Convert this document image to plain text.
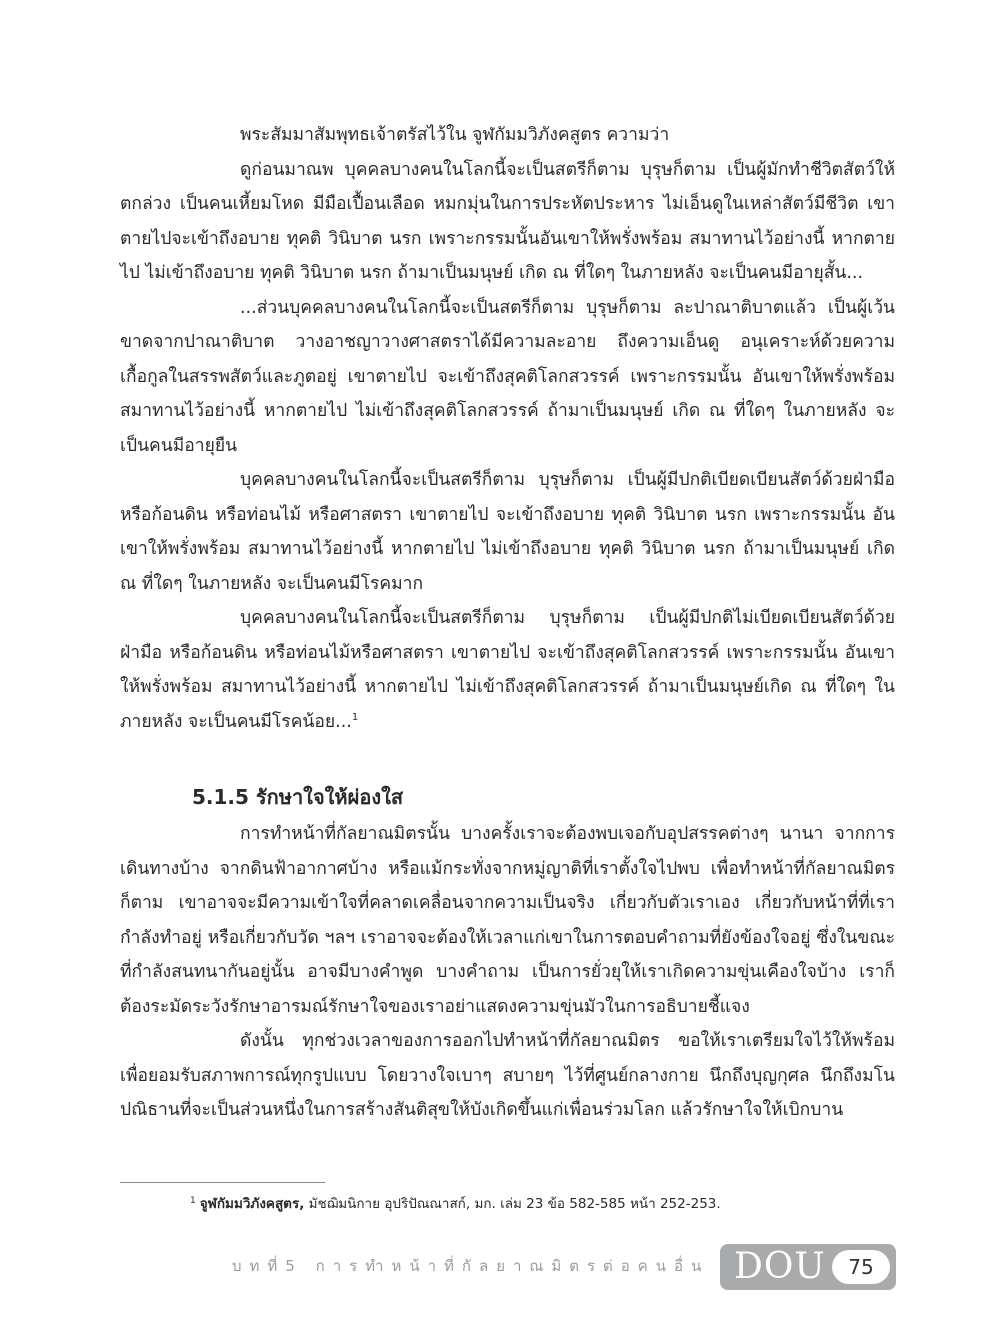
พระสัมมาสัมพุทธเจ้าตรัสไว้ใน จูฬกัมมวิภังคสูตร ความว่า

ดูก่อนมาณพ บุคคลบางคนในโลกนี้จะเป็นสตรีก็ตาม บุรุษก็ตาม เป็นผู้มักทำชีวิตสัตว์ให้ตกล่วง เป็นคนเหี้ยมโหด มีมือเปื้อนเลือด หมกมุ่นในการประหัตประหาร ไม่เอ็นดูในเหล่าสัตว์มีชีวิต เขาตายไปจะเข้าถึงอบาย ทุคติ วินิบาต นรก เพราะกรรมนั้นอันเขาให้พรั่งพร้อม สมาทานไว้อย่างนี้ หากตายไป ไม่เข้าถึงอบาย ทุคติ วินิบาต นรก ถ้ามาเป็นมนุษย์ เกิด ณ ที่ใดๆ ในภายหลัง จะเป็นคนมีอายุสั้น...

...ส่วนบุคคลบางคนในโลกนี้จะเป็นสตรีก็ตาม บุรุษก็ตาม ละปาณาติบาตแล้ว เป็นผู้เว้นขาดจากปาณาติบาต วางอาชญาวางศาสตราได้มีความละอาย ถึงความเอ็นดู อนุเคราะห์ด้วยความเกื้อกูลในสรรพสัตว์และภูตอยู่ เขาตายไป จะเข้าถึงสุคติโลกสวรรค์ เพราะกรรมนั้น อันเขาให้พรั่งพร้อม สมาทานไว้อย่างนี้ หากตายไป ไม่เข้าถึงสุคติโลกสวรรค์ ถ้ามาเป็นมนุษย์ เกิด ณ ที่ใดๆ ในภายหลัง จะเป็นคนมีอายุยืน

บุคคลบางคนในโลกนี้จะเป็นสตรีก็ตาม บุรุษก็ตาม เป็นผู้มีปกติเบียดเบียนสัตว์ด้วยฝ่ามือ หรือก้อนดิน หรือท่อนไม้ หรือศาสตรา เขาตายไป จะเข้าถึงอบาย ทุคติ วินิบาต นรก เพราะกรรมนั้น อันเขาให้พรั่งพร้อม สมาทานไว้อย่างนี้ หากตายไป ไม่เข้าถึงอบาย ทุคติ วินิบาต นรก ถ้ามาเป็นมนุษย์ เกิด ณ ที่ใดๆ ในภายหลัง จะเป็นคนมีโรคมาก

บุคคลบางคนในโลกนี้จะเป็นสตรีก็ตาม บุรุษก็ตาม เป็นผู้มีปกติไม่เบียดเบียนสัตว์ด้วยฝ่ามือ หรือก้อนดิน หรือท่อนไม้หรือศาสตรา เขาตายไป จะเข้าถึงสุคติโลกสวรรค์ เพราะกรรมนั้น อันเขาให้พรั่งพร้อม สมาทานไว้อย่างนี้ หากตายไป ไม่เข้าถึงสุคติโลกสวรรค์ ถ้ามาเป็นมนุษย์เกิด ณ ที่ใดๆ ในภายหลัง จะเป็นคนมีโรคน้อย...$^1$

5.1.5 รักษาใจให้ผ่องใส

การทำหน้าที่กัลยาณมิตรนั้น บางครั้งเราจะต้องพบเจอกับอุปสรรคต่างๆ นานา จากการเดินทางบ้าง จากดินฟ้าอากาศบ้าง หรือแม้กระทั่งจากหมู่ญาติที่เราตั้งใจไปพบ เพื่อทำหน้าที่กัลยาณมิตรก็ตาม เขาอาจจะมีความเข้าใจที่คลาดเคลื่อนจากความเป็นจริง เกี่ยวกับตัวเราเอง เกี่ยวกับหน้าที่ที่เรากำลังทำอยู่ หรือเกี่ยวกับวัด ฯลฯ เราอาจจะต้องให้เวลาแก่เขาในการตอบคำถามที่ยังข้องใจอยู่ ซึ่งในขณะที่กำลังสนทนากันอยู่นั้น อาจมีบางคำพูด บางคำถาม เป็นการยั่วยุให้เราเกิดความขุ่นเคืองใจบ้าง เราก็ต้องระมัดระวังรักษาอารมณ์รักษาใจของเราอย่าแสดงความขุ่นมัวในการอธิบายชี้แจง

ดังนั้น ทุกช่วงเวลาของการออกไปทำหน้าที่กัลยาณมิตร ขอให้เราเตรียมใจไว้ให้พร้อม เพื่อยอมรับสภาพการณ์ทุกรูปแบบ โดยวางใจเบาๆ สบายๆ ไว้ที่ศูนย์กลางกาย นึกถึงบุญกุศล นึกถึงมโนปณิธานที่จะเป็นส่วนหนึ่งในการสร้างสันติสุขให้บังเกิดขึ้นแก่เพื่อนร่วมโลก แล้วรักษาใจให้เบิกบาน

$^1$ จูฬกัมมวิภังคสูตร, มัชฌิมนิกาย อุปริปัณณาสก์, มก. เล่ม 23 ข้อ 582-585 หน้า 252-253.
บทที่5 การทำหน้าที่กัลยาณมิตรต่อคนอื่น DOU	75
